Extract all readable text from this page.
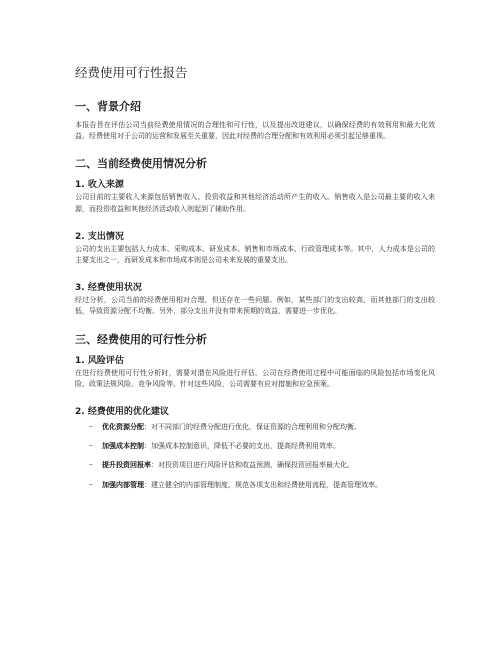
经费使用可行性报告
一、背景介绍

本报告旨在评估公司当前经费使用情况的合理性和可行性，以及提出改进建议，以确保经费的有效利用和最大化效益。经费使用对于公司的运营和发展至关重要，因此对经费的合理分配和有效利用必须引起足够重视。

二、当前经费使用情况分析
1. 收入来源

公司目前的主要收入来源包括销售收入、投资收益和其他经济活动所产生的收入。销售收入是公司最主要的收入来源，而投资收益和其他经济活动收入则起到了辅助作用。

2. 支出情况

公司的支出主要包括人力成本、采购成本、研发成本、销售和市场成本、行政管理成本等。其中，人力成本是公司的主要支出之一，而研发成本和市场成本则是公司未来发展的重要支出。

3. 经费使用状况

经过分析，公司当前的经费使用相对合理，但还存在一些问题。例如，某些部门的支出较高，而其他部门的支出较低，导致资源分配不均衡。另外，部分支出并没有带来预期的效益，需要进一步优化。

三、经费使用的可行性分析
1. 风险评估

在进行经费使用可行性分析时，需要对潜在风险进行评估。公司在经费使用过程中可能面临的风险包括市场变化风险、政策法规风险、竞争风险等。针对这些风险，公司需要有应对措施和应急预案。

2. 经费使用的优化建议
– 优化资源分配：对不同部门的经费分配进行优化，保证资源的合理利用和分配均衡。
– 加强成本控制：加强成本控制意识，降低不必要的支出，提高经费利用效率。
– 提升投资回报率：对投资项目进行风险评估和收益预测，确保投资回报率最大化。
– 加强内部管理：建立健全的内部管理制度，规范各项支出和经费使用流程，提高管理效率。
